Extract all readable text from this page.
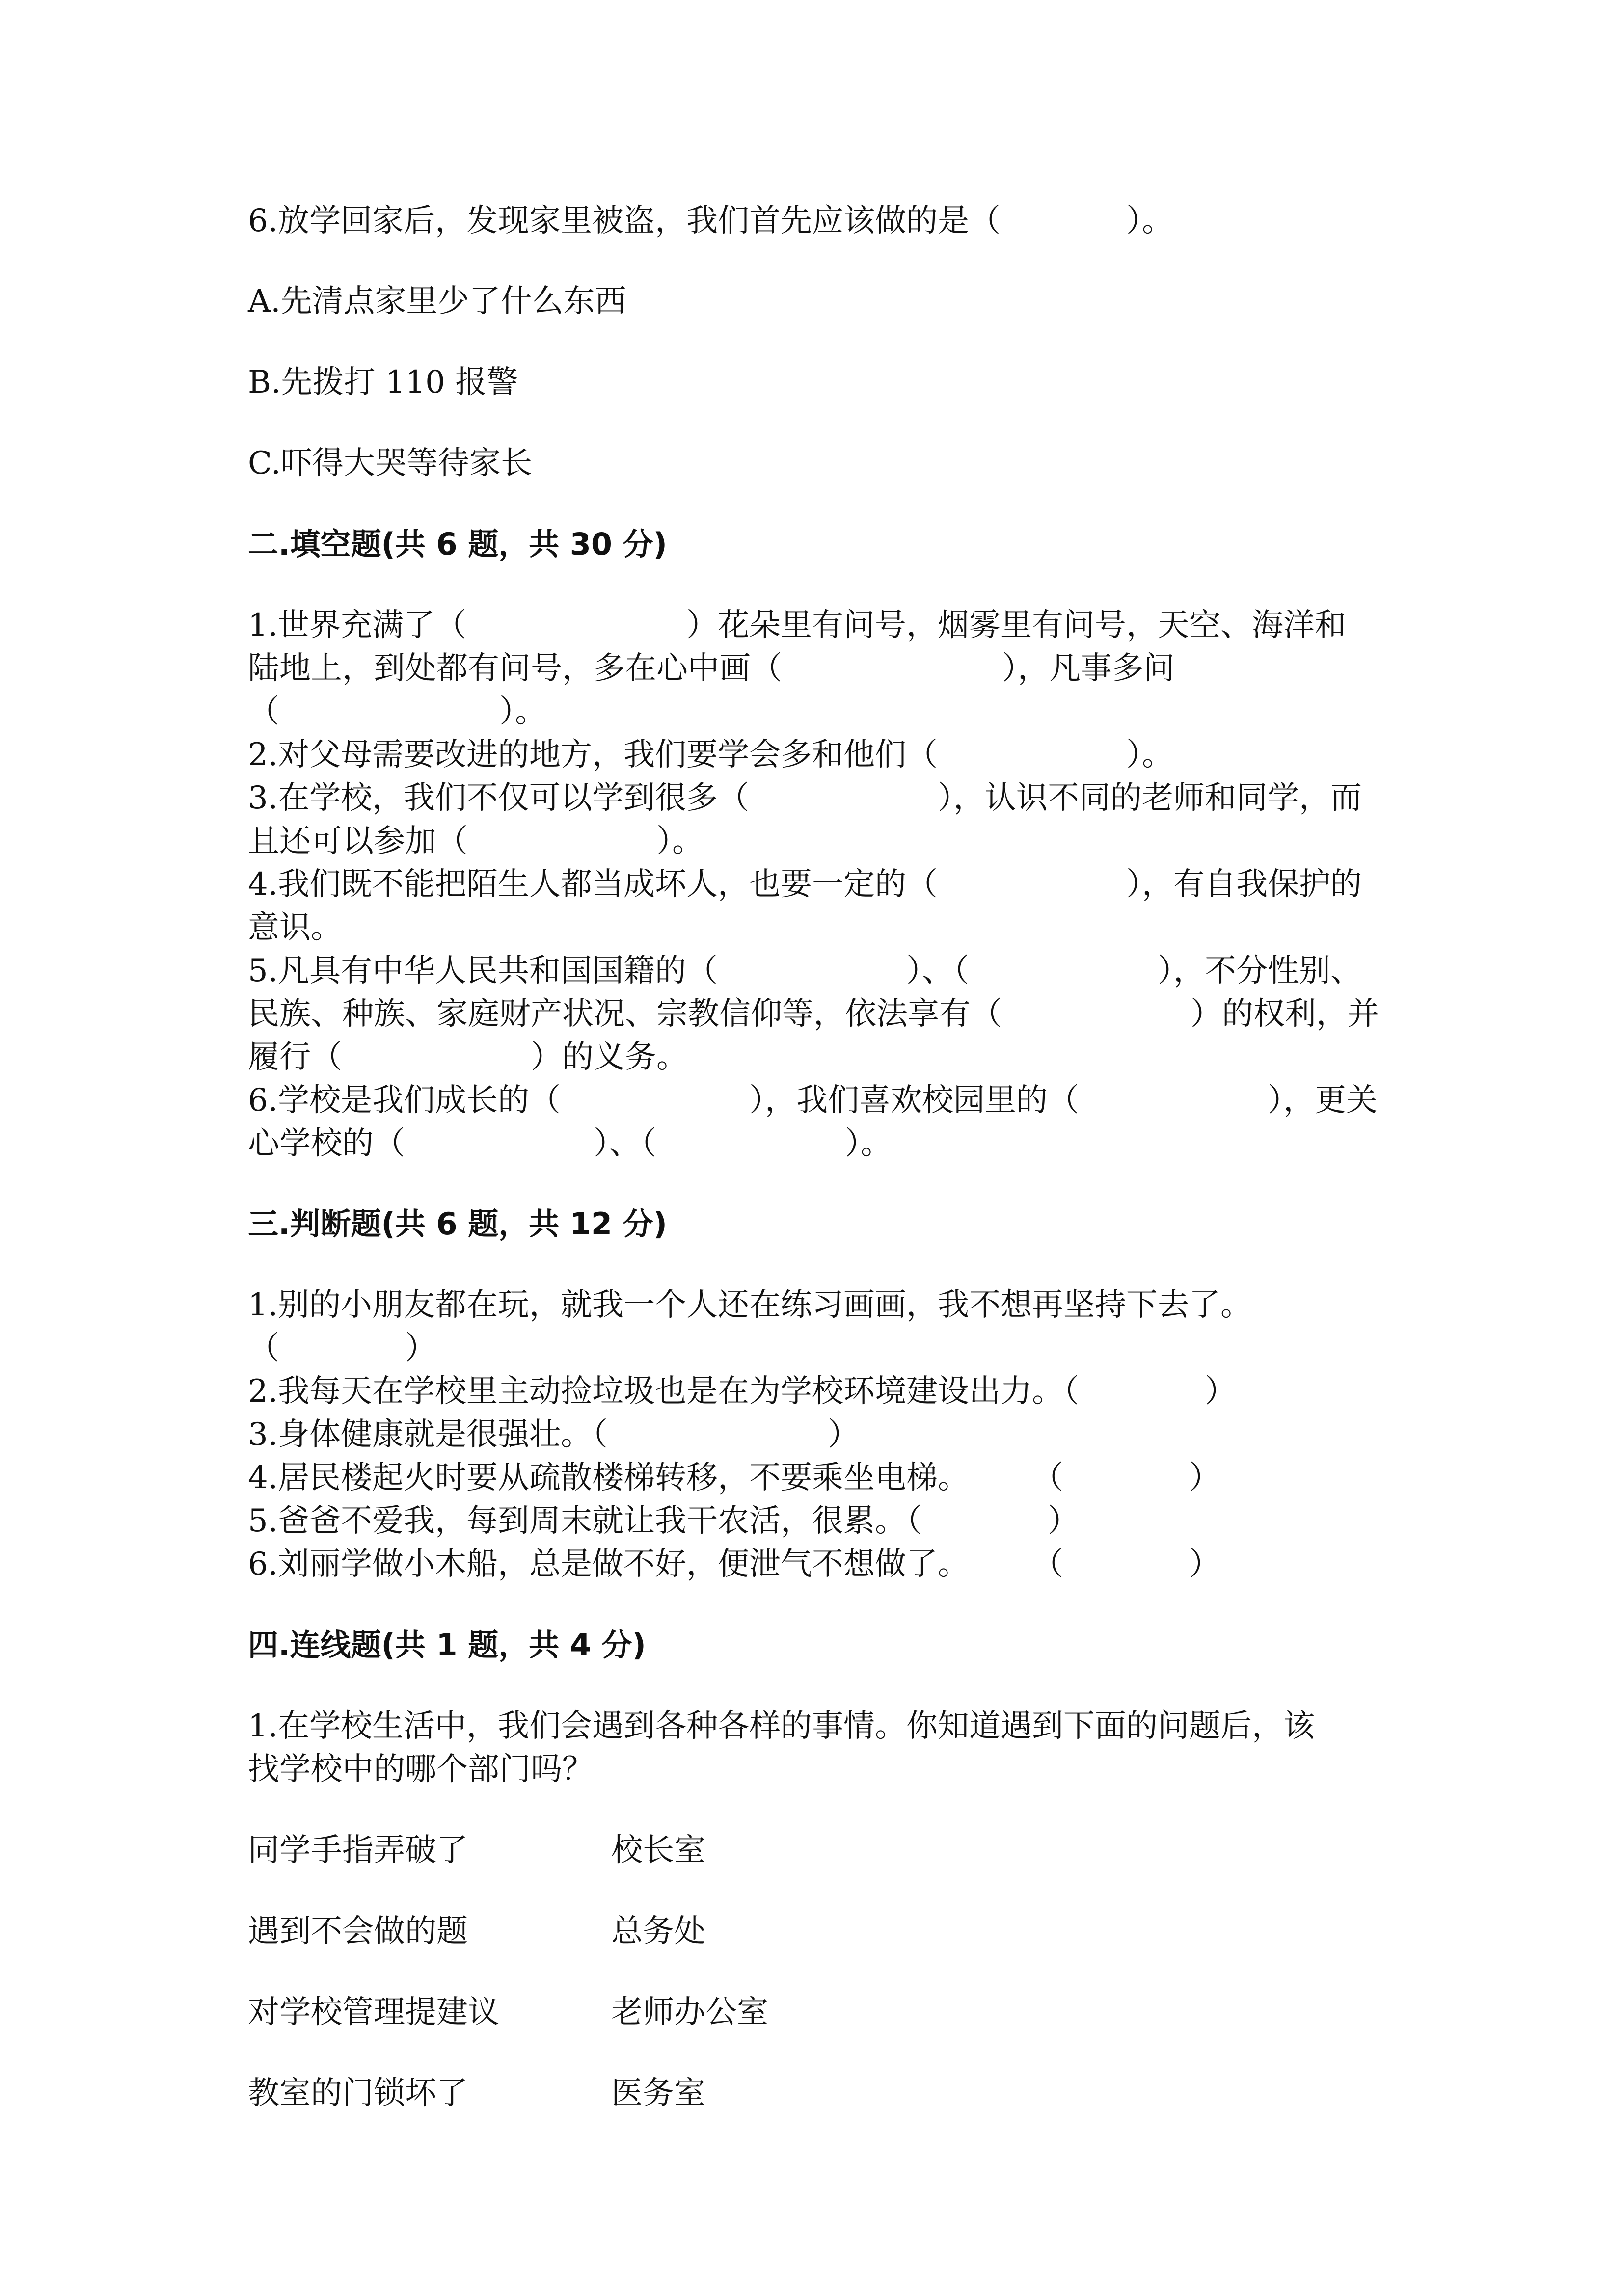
6.放学回家后，发现家里被盗，我们首先应该做的是（　　　　）。
A.先清点家里少了什么东西
B.先拨打 110 报警
C.吓得大哭等待家长
二.填空题(共 6 题，共 30 分)
1.世界充满了（　　　　　　　）花朵里有问号，烟雾里有问号，天空、海洋和
陆地上，到处都有问号，多在心中画（　　　　　　　），凡事多问
（　　　　　　　）。
2.对父母需要改进的地方，我们要学会多和他们（　　　　　　）。
3.在学校，我们不仅可以学到很多（　　　　　　），认识不同的老师和同学，而
且还可以参加（　　　　　　）。
4.我们既不能把陌生人都当成坏人，也要一定的（　　　　　　），有自我保护的
意识。
5.凡具有中华人民共和国国籍的（　　　　　　）、（　　　　　　），不分性别、
民族、种族、家庭财产状况、宗教信仰等，依法享有（　　　　　　）的权利，并
履行（　　　　　　）的义务。
6.学校是我们成长的（　　　　　　），我们喜欢校园里的（　　　　　　），更关
心学校的（　　　　　　）、（　　　　　　）。
三.判断题(共 6 题，共 12 分)
1.别的小朋友都在玩，就我一个人还在练习画画，我不想再坚持下去了。
（　　　　）
2.我每天在学校里主动捡垃圾也是在为学校环境建设出力。（　　　　）
3.身体健康就是很强壮。（　　　　　　　）
4.居民楼起火时要从疏散楼梯转移，不要乘坐电梯。　　　（　　　　）
5.爸爸不爱我，每到周末就让我干农活，很累。（　　　　）
6.刘丽学做小木船，总是做不好，便泄气不想做了。　　　（　　　　）
四.连线题(共 1 题，共 4 分)
1.在学校生活中，我们会遇到各种各样的事情。你知道遇到下面的问题后，该
找学校中的哪个部门吗？
同学手指弄破了	校长室
遇到不会做的题	总务处
对学校管理提建议	老师办公室
教室的门锁坏了	医务室
